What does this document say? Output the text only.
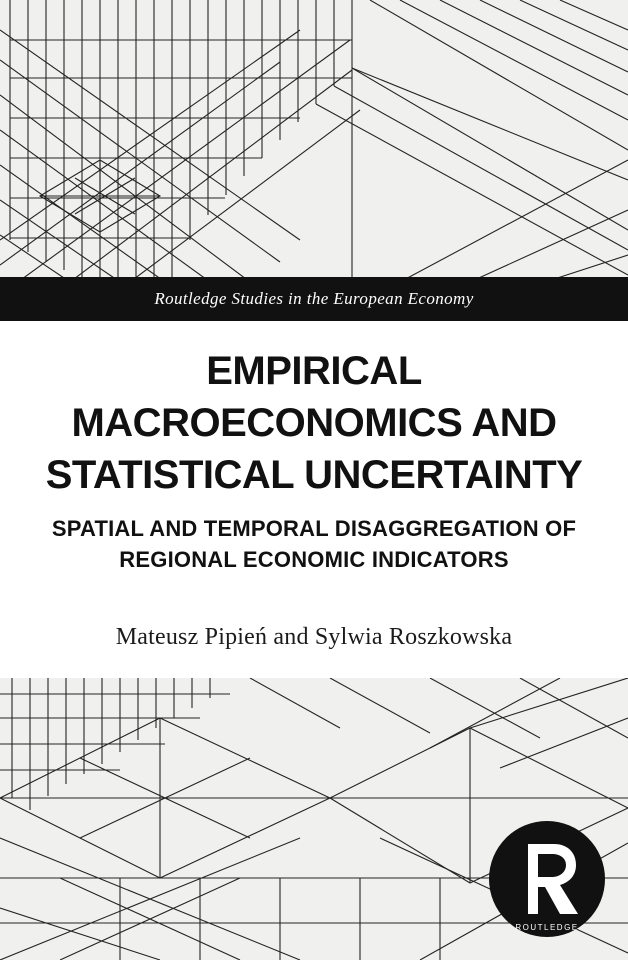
Routledge Studies in the European Economy
EMPIRICAL
MACROECONOMICS AND
STATISTICAL UNCERTAINTY
SPATIAL AND TEMPORAL DISAGGREGATION OF
REGIONAL ECONOMIC INDICATORS
Mateusz Pipień and Sylwia Roszkowska
ROUTLEDGE
